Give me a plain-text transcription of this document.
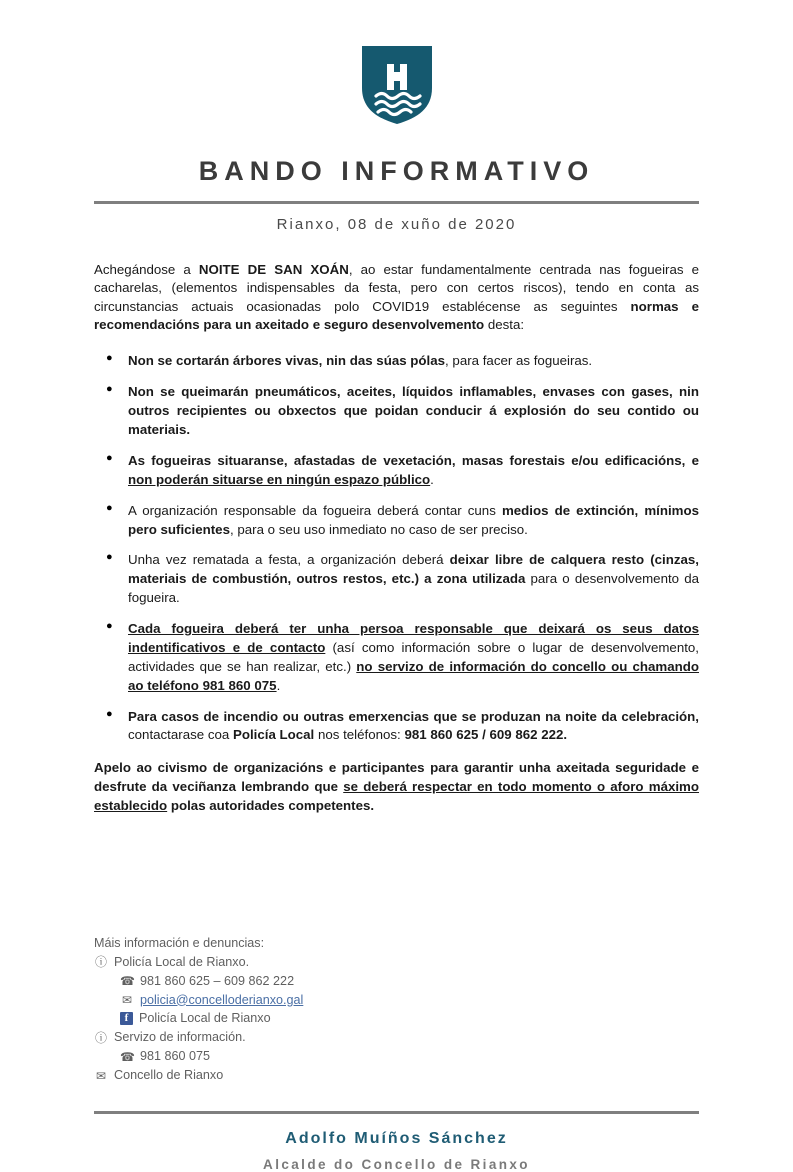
BANDO INFORMATIVO
Rianxo, 08 de xuño de 2020

Achegándose a NOITE DE SAN XOÁN, ao estar fundamentalmente centrada nas fogueiras e cacharelas, (elementos indispensables da festa, pero con certos riscos), tendo en conta as circunstancias actuais ocasionadas polo COVID19 establécense as seguintes normas e recomendacións para un axeitado e seguro desenvolvemento desta:

● Non se cortarán árbores vivas, nin das súas pólas, para facer as fogueiras.
● Non se queimarán pneumáticos, aceites, líquidos inflamables, envases con gases, nin outros recipientes ou obxectos que poidan conducir á explosión do seu contido ou materiais.
● As fogueiras situaranse, afastadas de vexetación, masas forestais e/ou edificacións, e non poderán situarse en ningún espazo público.
● A organización responsable da fogueira deberá contar cuns medios de extinción, mínimos pero suficientes, para o seu uso inmediato no caso de ser preciso.
● Unha vez rematada a festa, a organización deberá deixar libre de calquera resto (cinzas, materiais de combustión, outros restos, etc.) a zona utilizada para o desenvolvemento da fogueira.
● Cada fogueira deberá ter unha persoa responsable que deixará os seus datos indentificativos e de contacto (así como información sobre o lugar de desenvolvemento, actividades que se han realizar, etc.) no servizo de información do concello ou chamando ao teléfono 981 860 075.
● Para casos de incendio ou outras emerxencias que se produzan na noite da celebración, contactarase coa Policía Local nos teléfonos: 981 860 625 / 609 862 222.

Apelo ao civismo de organizacións e participantes para garantir unha axeitada seguridade e desfrute da veciñanza lembrando que se deberá respectar en todo momento o aforo máximo establecido polas autoridades competentes.

Máis información e denuncias:
ⓘ Policía Local de Rianxo.
☎ 981 860 625 – 609 862 222
✉ policia@concelloderianxo.gal
f Policía Local de Rianxo
ⓘ Servizo de información.
☎ 981 860 075
✉ Concello de Rianxo
Adolfo Muíños Sánchez
Alcalde do Concello de Rianxo
